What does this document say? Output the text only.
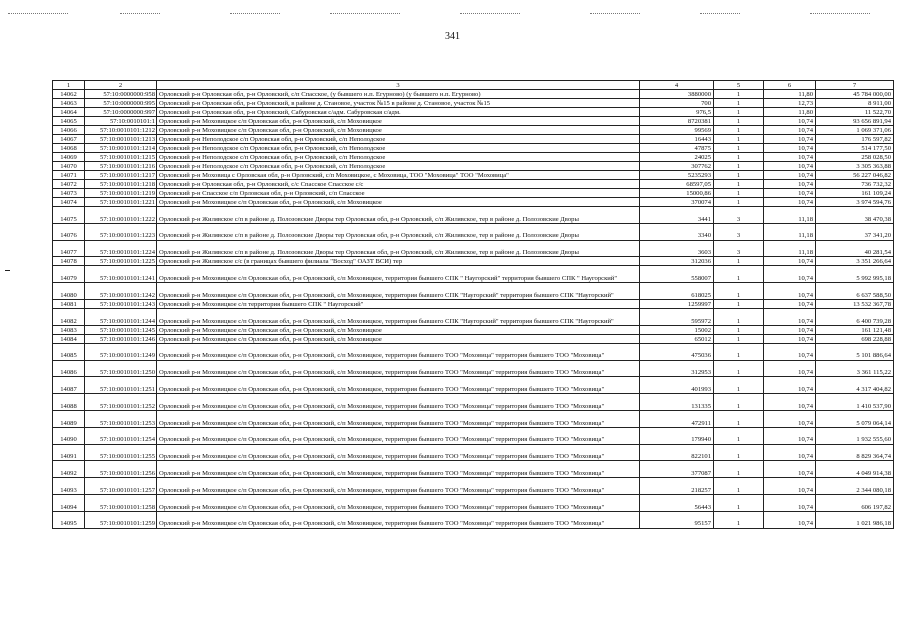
341
1	2	3	4	5	6	7
14062	57:10:0000000:958	Орловский р-н Орловская обл, р-н Орловский, с/п Спасское, (у бывшего н.п. Егурново) (у бывшего н.п. Егурново)	3880000	1	11,80	45 784 000,00
14063	57:10:0000000:995	Орловский р-н Орловская обл, р-н Орловский, в районе д. Становое, участок №15 в районе д. Становое, участок №15	700	1	12,73	8 911,00
14064	57:10:0000000:997	Орловский р-н Орловская обл, р-н Орловский, Сабуровская с/адм. Сабуровская с/адм.	976,5	1	11,80	11 522,70
14065	57:10:0010101:1	Орловский р-н Моховицкое с/п Орловская обл, р-н Орловский, с/п Моховицкое	8720381	1	10,74	93 656 891,94
14066	57:10:0010101:1212	Орловский р-н Моховицкое с/п Орловская обл, р-н Орловский, с/п Моховицкое	99569	1	10,74	1 069 371,06
14067	57:10:0010101:1213	Орловский р-н Неполодское с/п Орловская обл, р-н Орловский, с/п Неполодское	16443	1	10,74	176 597,82
14068	57:10:0010101:1214	Орловский р-н Неполодское с/п Орловская обл, р-н Орловский, с/п Неполодское	47875	1	10,74	514 177,50
14069	57:10:0010101:1215	Орловский р-н Неполодское с/п Орловская обл, р-н Орловский, с/п Неполодское	24025	1	10,74	258 028,50
14070	57:10:0010101:1216	Орловский р-н Неполодское с/п Орловская обл, р-н Орловский, с/п Неполодское	307762	1	10,74	3 305 363,88
14071	57:10:0010101:1217	Орловский р-н Моховица с Орловская обл, р-н Орловский, с/п Моховицкое, с Моховица, ТОО "Моховица" ТОО "Моховица"	5235293	1	10,74	56 227 046,82
14072	57:10:0010101:1218	Орловский р-н Орловская обл, р-н Орловский, с/с Спасское Спасское с/с	68597,05	1	10,74	736 732,32
14073	57:10:0010101:1219	Орловский р-н Спасское с/п Орловская обл, р-н Орловский, с/п Спасское	15000,86	1	10,74	161 109,24
14074	57:10:0010101:1221	Орловский р-н Моховицкое с/п Орловская обл, р-н Орловский, с/п Моховицкое	370074	1	10,74	3 974 594,76
14075	57:10:0010101:1222	Орловский р-н Жилявское с/п в районе д. Полозовские Дворы тер Орловская обл, р-н Орловский, с/п Жилявское, тер в районе д. Полозовские Дворы	3441	3	11,18	38 470,38
14076	57:10:0010101:1223	Орловский р-н Жилявское с/п в районе д. Полозовские Дворы тер Орловская обл, р-н Орловский, с/п Жилявское, тер в районе д. Полозовские Дворы	3340	3	11,18	37 341,20
14077	57:10:0010101:1224	Орловский р-н Жилявское с/п в районе д. Полозовские Дворы тер Орловская обл, р-н Орловский, с/п Жилявское, тер в районе д. Полозовские Дворы	3603	3	11,18	40 281,54
14078	57:10:0010101:1225	Орловский р-н Жилявское с/с (в границах бывшего филиала "Восход" ОАЗТ ВСИ) тер	312036	1	10,74	3 351 266,64
14079	57:10:0010101:1241	Орловский р-н Моховицкое с/п Орловская обл, р-н Орловский, с/п Моховицкое, территория бывшего СПК " Наугорский" территория бывшего СПК " Наугорский"	558007	1	10,74	5 992 995,18
14080	57:10:0010101:1242	Орловский р-н Моховицкое с/п Орловская обл, р-н Орловский, с/п Моховицкое, территория бывшего СПК "Наугорский" территория бывшего СПК "Наугорский"	618025	1	10,74	6 637 588,50
14081	57:10:0010101:1243	Орловский р-н Моховицкое с/п территория бывшего СПК " Наугорский"	1259997	1	10,74	13 532 367,78
14082	57:10:0010101:1244	Орловский р-н Моховицкое с/п Орловская обл, р-н Орловский, с/п Моховицкое, территория бывшего СПК "Наугорский" территория бывшего СПК "Наугорский"	595972	1	10,74	6 400 739,28
14083	57:10:0010101:1245	Орловский р-н Моховицкое с/п Орловская обл, р-н Орловский, с/п Моховицкое	15002	1	10,74	161 121,48
14084	57:10:0010101:1246	Орловский р-н Моховицкое с/п Орловская обл, р-н Орловский, с/п Моховицкое	65012	1	10,74	698 228,88
14085	57:10:0010101:1249	Орловский р-н Моховицкое с/п Орловская обл, р-н Орловский, с/п Моховицкое, территория бывшего ТОО "Моховица" территория бывшего ТОО "Моховица"	475036	1	10,74	5 101 886,64
14086	57:10:0010101:1250	Орловский р-н Моховицкое с/п Орловская обл, р-н Орловский, с/п Моховицкое, территория бывшего ТОО "Моховица" территория бывшего ТОО "Моховица"	312953	1	10,74	3 361 115,22
14087	57:10:0010101:1251	Орловский р-н Моховицкое с/п Орловская обл, р-н Орловский, с/п Моховицкое, территория бывшего ТОО "Моховица" территория бывшего ТОО "Моховица"	401993	1	10,74	4 317 404,82
14088	57:10:0010101:1252	Орловский р-н Моховицкое с/п Орловская обл, р-н Орловский, с/п Моховицкое, территория бывшего ТОО "Моховица" территория бывшего ТОО "Моховица"	131335	1	10,74	1 410 537,90
14089	57:10:0010101:1253	Орловский р-н Моховицкое с/п Орловская обл, р-н Орловский, с/п Моховицкое, территория бывшего ТОО "Моховица" территория бывшего ТОО "Моховица"	472911	1	10,74	5 079 064,14
14090	57:10:0010101:1254	Орловский р-н Моховицкое с/п Орловская обл, р-н Орловский, с/п Моховицкое, территория бывшего ТОО "Моховица" территория бывшего ТОО "Моховица"	179940	1	10,74	1 932 555,60
14091	57:10:0010101:1255	Орловский р-н Моховицкое с/п Орловская обл, р-н Орловский, с/п Моховицкое, территория бывшего ТОО "Моховица" территория бывшего ТОО "Моховица"	822101	1	10,74	8 829 364,74
14092	57:10:0010101:1256	Орловский р-н Моховицкое с/п Орловская обл, р-н Орловский, с/п Моховицкое, территория бывшего ТОО "Моховица" территория бывшего ТОО "Моховица"	377087	1	10,74	4 049 914,38
14093	57:10:0010101:1257	Орловский р-н Моховицкое с/п Орловская обл, р-н Орловский, с/п Моховицкое, территория бывшего ТОО "Моховица" территория бывшего ТОО "Моховица"	218257	1	10,74	2 344 080,18
14094	57:10:0010101:1258	Орловский р-н Моховицкое с/п Орловская обл, р-н Орловский, с/п Моховицкое, территория бывшего ТОО "Моховица" территория бывшего ТОО "Моховица"	56443	1	10,74	606 197,82
14095	57:10:0010101:1259	Орловский р-н Моховицкое с/п Орловская обл, р-н Орловский, с/п Моховицкое, территория бывшего ТОО "Моховица" территория бывшего ТОО "Моховица"	95157	1	10,74	1 021 986,18
